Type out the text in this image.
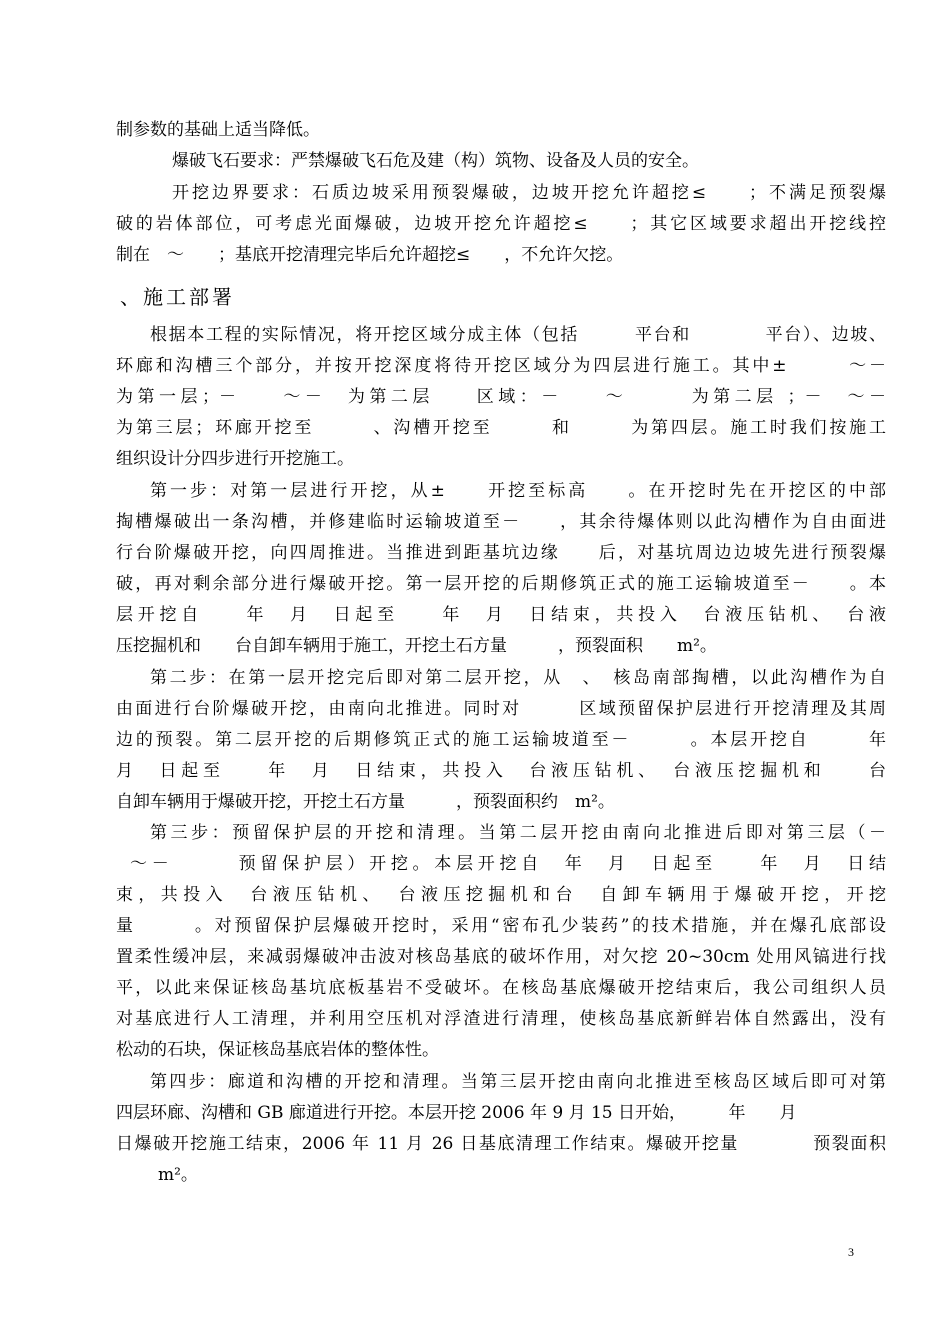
制参数的基础上适当降低。
爆破飞石要求：严禁爆破飞石危及建（构）筑物、设备及人员的安全。
开挖边界要求：石质边坡采用预裂爆破，边坡开挖允许超挖≤　　；不满足预裂爆
破的岩体部位，可考虑光面爆破，边坡开挖允许超挖≤　　；其它区域要求超出开挖线控
制在　～　　；基底开挖清理完毕后允许超挖≤　　，不允许欠挖。
、施工部署
根据本工程的实际情况，将开挖区域分成主体（包括　　　平台和　　　　平台）、边坡、
环廊和沟槽三个部分，并按开挖深度将待开挖区域分为四层进行施工。其中±　　　～－
为第一层；－　　～－　为第二层　　区域：－　　～　　　为第二层 ；－　～－
为第三层；环廊开挖至　　　、沟槽开挖至　　　和　　　为第四层。施工时我们按施工
组织设计分四步进行开挖施工。
第一步：对第一层进行开挖，从±　　开挖至标高　　。在开挖时先在开挖区的中部
掏槽爆破出一条沟槽，并修建临时运输坡道至－　　，其余待爆体则以此沟槽作为自由面进
行台阶爆破开挖，向四周推进。当推进到距基坑边缘　　后，对基坑周边边坡先进行预裂爆
破，再对剩余部分进行爆破开挖。第一层开挖的后期修筑正式的施工运输坡道至－　　。本
层开挖自　　年　月　日起至　　年　月　日结束，共投入　台液压钻机、　台液
压挖掘机和　　台自卸车辆用于施工，开挖土石方量　　　，预裂面积　　m²。
第二步：在第一层开挖完后即对第二层开挖，从　、　核岛南部掏槽，以此沟槽作为自
由面进行台阶爆破开挖，由南向北推进。同时对　　　区域预留保护层进行开挖清理及其周
边的预裂。第二层开挖的后期修筑正式的施工运输坡道至－　　　。本层开挖自　　　年
月　日起至　　年　月　日结束，共投入　台液压钻机、　台液压挖掘机和　　台
自卸车辆用于爆破开挖，开挖土石方量　　　，预裂面积约　m²。
第三步：预留保护层的开挖和清理。当第二层开挖由南向北推进后即对第三层（－
～－　　　预留保护层）开挖。本层开挖自　年　月　日起至　　年　月　日结
束，共投入　台液压钻机、　台液压挖掘机和台　自卸车辆用于爆破开挖，开挖
量　　　。对预留保护层爆破开挖时，采用“密布孔少装药”的技术措施，并在爆孔底部设
置柔性缓冲层，来减弱爆破冲击波对核岛基底的破坏作用，对欠挖 20~30cm 处用风镐进行找
平，以此来保证核岛基坑底板基岩不受破坏。在核岛基底爆破开挖结束后，我公司组织人员
对基底进行人工清理，并利用空压机对浮渣进行清理，使核岛基底新鲜岩体自然露出，没有
松动的石块，保证核岛基底岩体的整体性。
第四步：廊道和沟槽的开挖和清理。当第三层开挖由南向北推进至核岛区域后即可对第
四层环廊、沟槽和 GB 廊道进行开挖。本层开挖 2006 年 9 月 15 日开始，　　　年　　月
日爆破开挖施工结束，2006 年 11 月 26 日基底清理工作结束。爆破开挖量　　　　预裂面积
m²。
3
